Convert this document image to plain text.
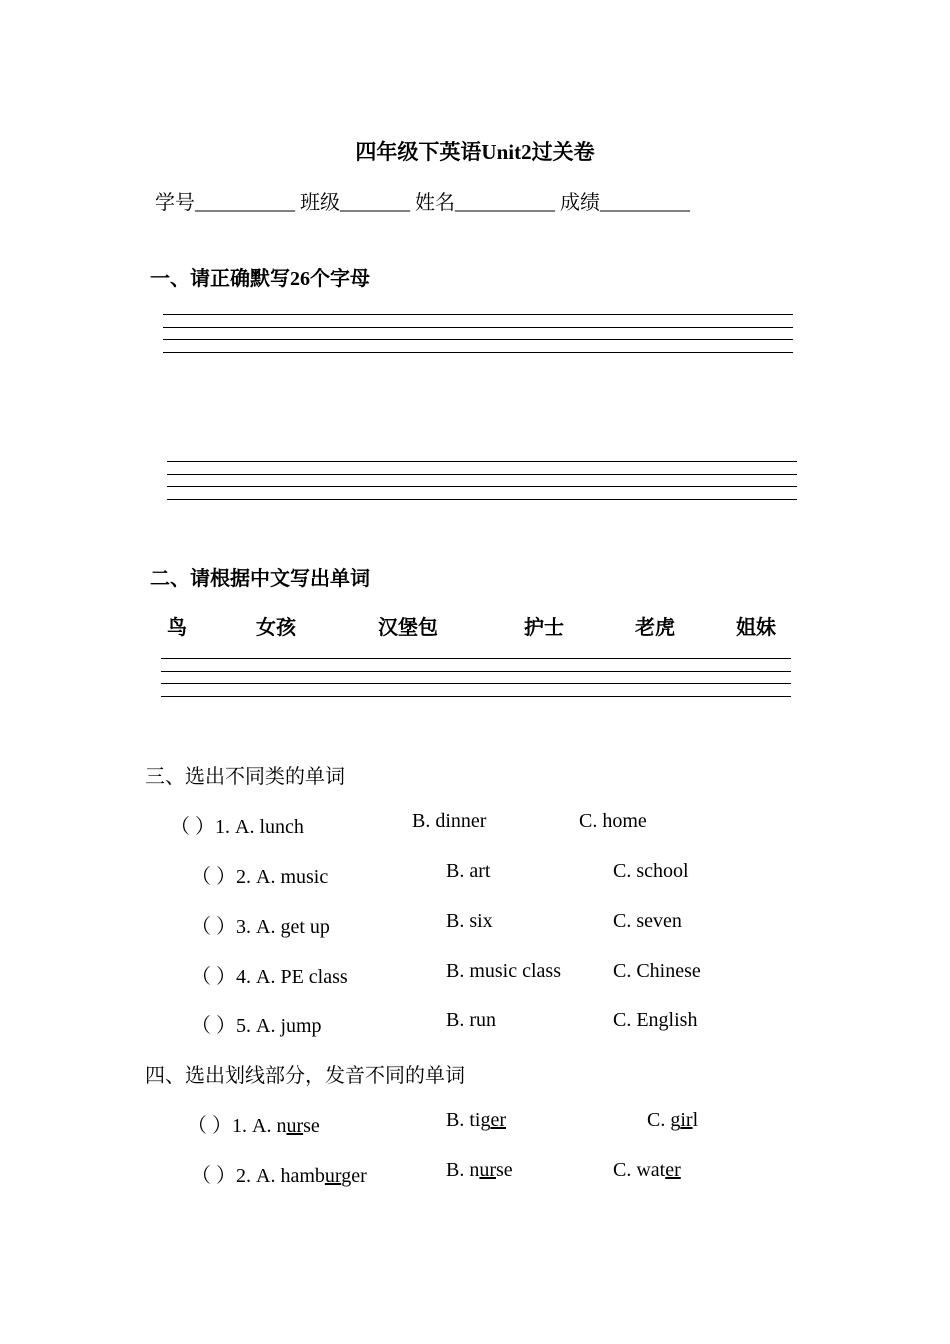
四年级下英语Unit2过关卷
学号__________ 班级_______ 姓名__________ 成绩_________
一、请正确默写26个字母
二、请根据中文写出单词
鸟	女孩	汉堡包	护士	老虎	姐妹
三、选出不同类的单词
（ ）1. A. lunch	B. dinner	C. home
（ ）2. A. music	B. art	C. school
（ ）3. A. get up	B. six	C. seven
（ ）4. A. PE class	B. music class	C. Chinese
（ ）5. A. jump	B. run	C. English
四、选出划线部分，发音不同的单词
（ ）1. A. nurse	B. tiger	C. girl
（ ）2. A. hamburger	B. nurse	C. water
